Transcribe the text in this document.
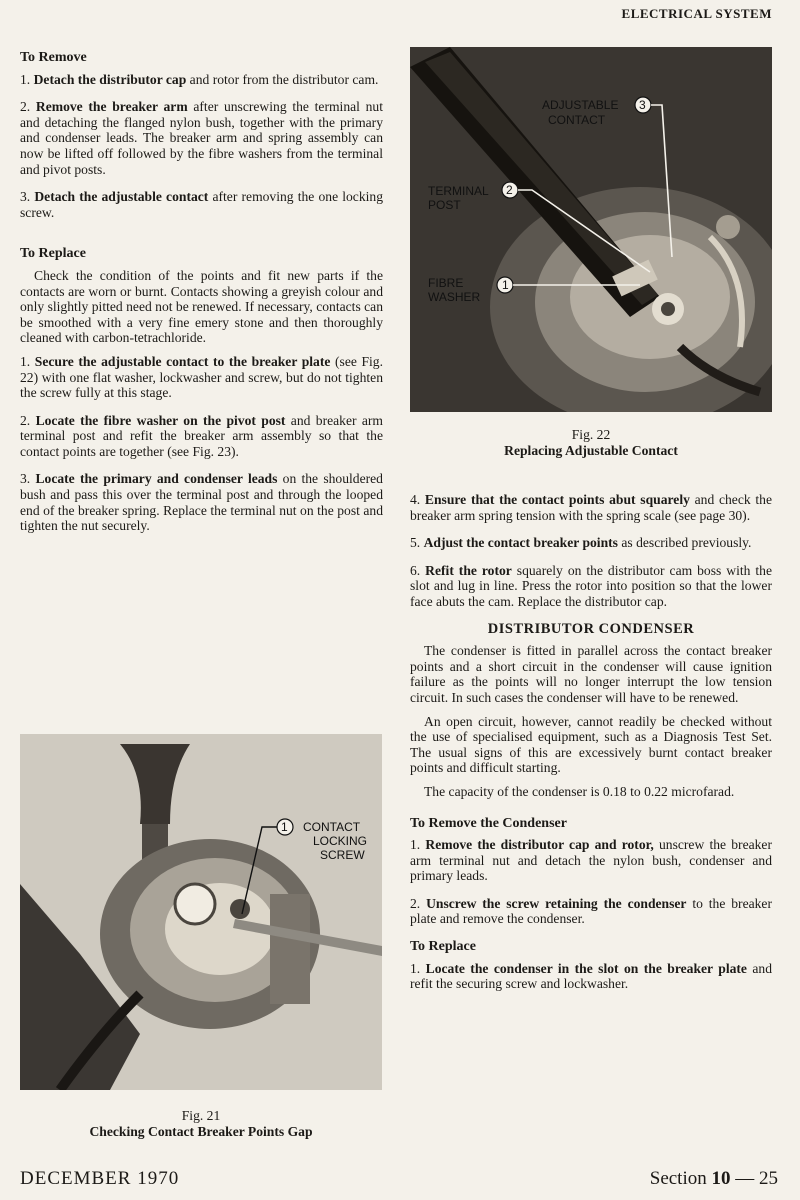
ELECTRICAL SYSTEM
To Remove

1. Detach the distributor cap and rotor from the distributor cam.

2. Remove the breaker arm after unscrewing the terminal nut and detaching the flanged nylon bush, together with the primary and condenser leads. The breaker arm and spring assembly can now be lifted off followed by the fibre washers from the terminal and pivot posts.

3. Detach the adjustable contact after removing the one locking screw.

To Replace

Check the condition of the points and fit new parts if the contacts are worn or burnt. Contacts showing a greyish colour and only slightly pitted need not be renewed. If necessary, contacts can be smoothed with a very fine emery stone and then thoroughly cleaned with carbon-tetrachloride.

1. Secure the adjustable contact to the breaker plate (see Fig. 22) with one flat washer, lockwasher and screw, but do not tighten the screw fully at this stage.

2. Locate the fibre washer on the pivot post and breaker arm terminal post and refit the breaker arm assembly so that the contact points are together (see Fig. 23).

3. Locate the primary and condenser leads on the shouldered bush and pass this over the terminal post and through the looped end of the breaker spring. Replace the terminal nut on the post and tighten the nut securely.

ADJUSTABLE
CONTACT
3
TERMINAL
POST
2
FIBRE
WASHER
1
Fig. 22
Replacing Adjustable Contact

4. Ensure that the contact points abut squarely and check the breaker arm spring tension with the spring scale (see page 30).

5. Adjust the contact breaker points as described previously.

6. Refit the rotor squarely on the distributor cam boss with the slot and lug in line. Press the rotor into position so that the lower face abuts the cam. Replace the distributor cap.

DISTRIBUTOR CONDENSER

The condenser is fitted in parallel across the contact breaker points and a short circuit in the condenser will cause ignition failure as the points will no longer interrupt the low tension circuit. In such cases the condenser will have to be renewed.

An open circuit, however, cannot readily be checked without the use of specialised equipment, such as a Diagnosis Test Set. The usual signs of this are excessively burnt contact breaker points and difficult starting.

The capacity of the condenser is 0.18 to 0.22 microfarad.

To Remove the Condenser

1. Remove the distributor cap and rotor, unscrew the breaker arm terminal nut and detach the nylon bush, condenser and primary leads.

2. Unscrew the screw retaining the condenser to the breaker plate and remove the condenser.

To Replace

1. Locate the condenser in the slot on the breaker plate and refit the securing screw and lockwasher.

1 CONTACT
LOCKING
SCREW
Fig. 21
Checking Contact Breaker Points Gap
DECEMBER 1970	Section 10 — 25
